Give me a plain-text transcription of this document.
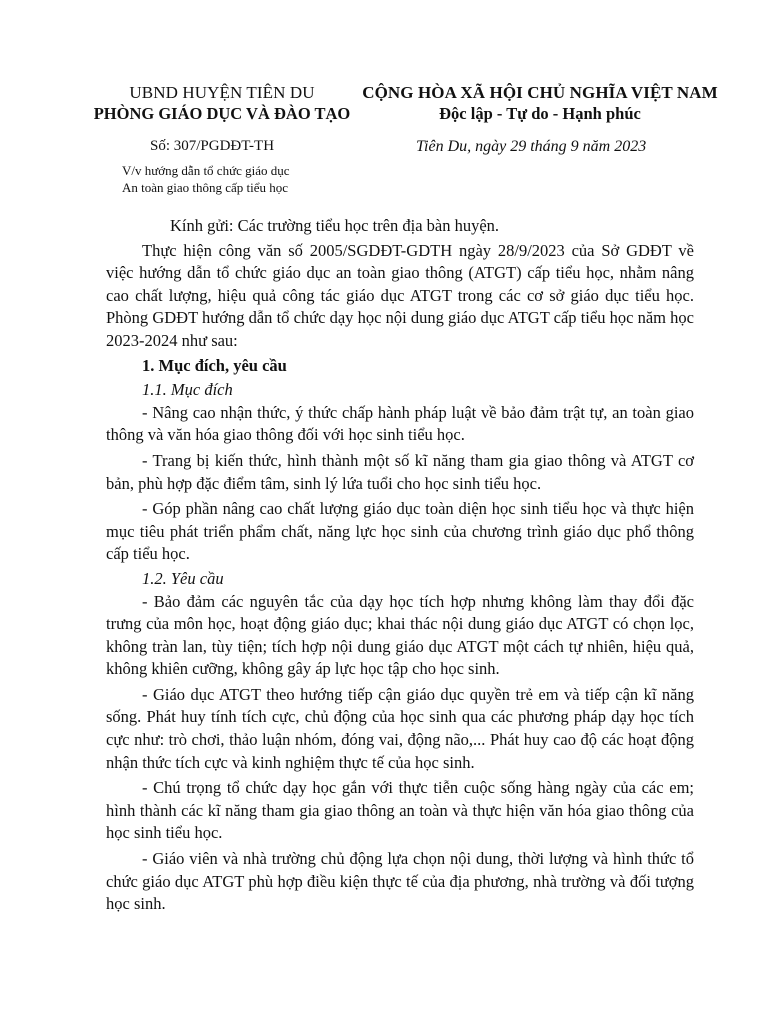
UBND HUYỆN TIÊN DU
PHÒNG GIÁO DỤC VÀ ĐÀO TẠO
CỘNG HÒA XÃ HỘI CHỦ NGHĨA VIỆT NAM
Độc lập - Tự do - Hạnh phúc
Số: 307/PGDĐT-TH
V/v hướng dẫn tổ chức giáo dục
An toàn giao thông cấp tiểu học
Tiên Du, ngày 29 tháng 9 năm 2023

Kính gửi: Các trường tiểu học trên địa bàn huyện.

Thực hiện công văn số 2005/SGDĐT-GDTH ngày 28/9/2023 của Sở GDĐT về việc hướng dẫn tổ chức giáo dục an toàn giao thông (ATGT) cấp tiểu học, nhằm nâng cao chất lượng, hiệu quả công tác giáo dục ATGT trong các cơ sở giáo dục tiểu học. Phòng GDĐT hướng dẫn tổ chức dạy học nội dung giáo dục ATGT cấp tiểu học năm học 2023-2024 như sau:

1. Mục đích, yêu cầu

1.1. Mục đích

- Nâng cao nhận thức, ý thức chấp hành pháp luật về bảo đảm trật tự, an toàn giao thông và văn hóa giao thông đối với học sinh tiểu học.

- Trang bị kiến thức, hình thành một số kĩ năng tham gia giao thông và ATGT cơ bản, phù hợp đặc điểm tâm, sinh lý lứa tuổi cho học sinh tiểu học.

- Góp phần nâng cao chất lượng giáo dục toàn diện học sinh tiểu học và thực hiện mục tiêu phát triển phẩm chất, năng lực học sinh của chương trình giáo dục phổ thông cấp tiểu học.

1.2. Yêu cầu

- Bảo đảm các nguyên tắc của dạy học tích hợp nhưng không làm thay đổi đặc trưng của môn học, hoạt động giáo dục; khai thác nội dung giáo dục ATGT có chọn lọc, không tràn lan, tùy tiện; tích hợp nội dung giáo dục ATGT một cách tự nhiên, hiệu quả, không khiên cưỡng, không gây áp lực học tập cho học sinh.

- Giáo dục ATGT theo hướng tiếp cận giáo dục quyền trẻ em và tiếp cận kĩ năng sống. Phát huy tính tích cực, chủ động của học sinh qua các phương pháp dạy học tích cực như: trò chơi, thảo luận nhóm, đóng vai, động não,... Phát huy cao độ các hoạt động nhận thức tích cực và kinh nghiệm thực tế của học sinh.

- Chú trọng tổ chức dạy học gắn với thực tiễn cuộc sống hàng ngày của các em; hình thành các kĩ năng tham gia giao thông an toàn và thực hiện văn hóa giao thông của học sinh tiểu học.

- Giáo viên và nhà trường chủ động lựa chọn nội dung, thời lượng và hình thức tổ chức giáo dục ATGT phù hợp điều kiện thực tế của địa phương, nhà trường và đối tượng học sinh.
